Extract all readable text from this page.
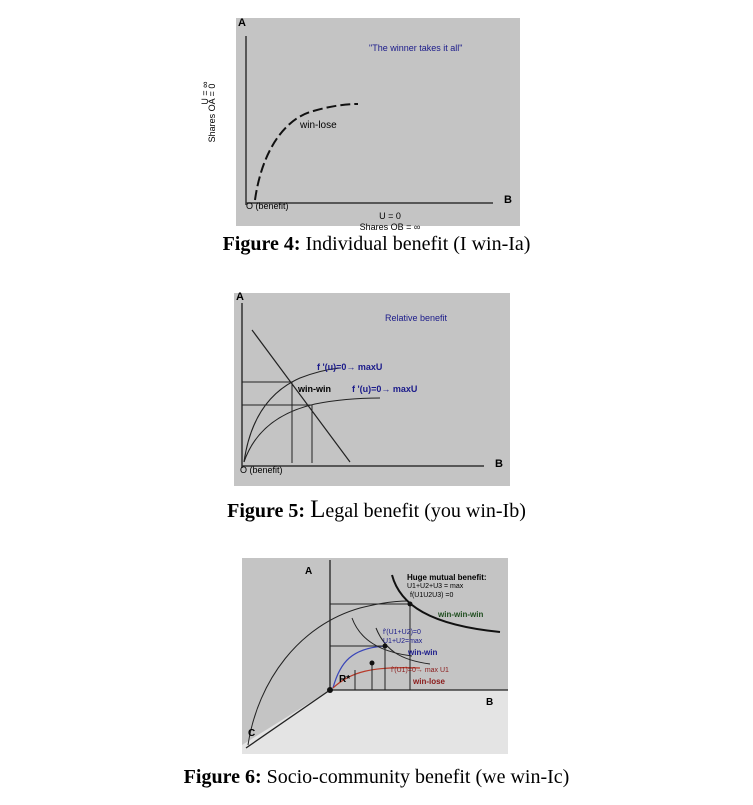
A
B
O (benefit)
"The winner takes it all"
win-lose
U = 0
Shares OB = ∞
U = ∞
Shares OA = 0
Figure 4: Individual benefit (I win-Ia)
A
B
O (benefit)
Relative benefit
f '(u)=0→ maxU
win-win f '(u)=0→ maxU
Figure 5: Legal benefit (you win-Ib)
A
B
C
R*
Huge mutual benefit:
U1+U2+U3 = max
f(U1U2U3) =0
win-win-win
f'(U1+U2)=0
U1+U2=max
win-win
f'(U1)=0→ max U1
win-lose
Figure 6: Socio-community benefit (we win-Ic)
